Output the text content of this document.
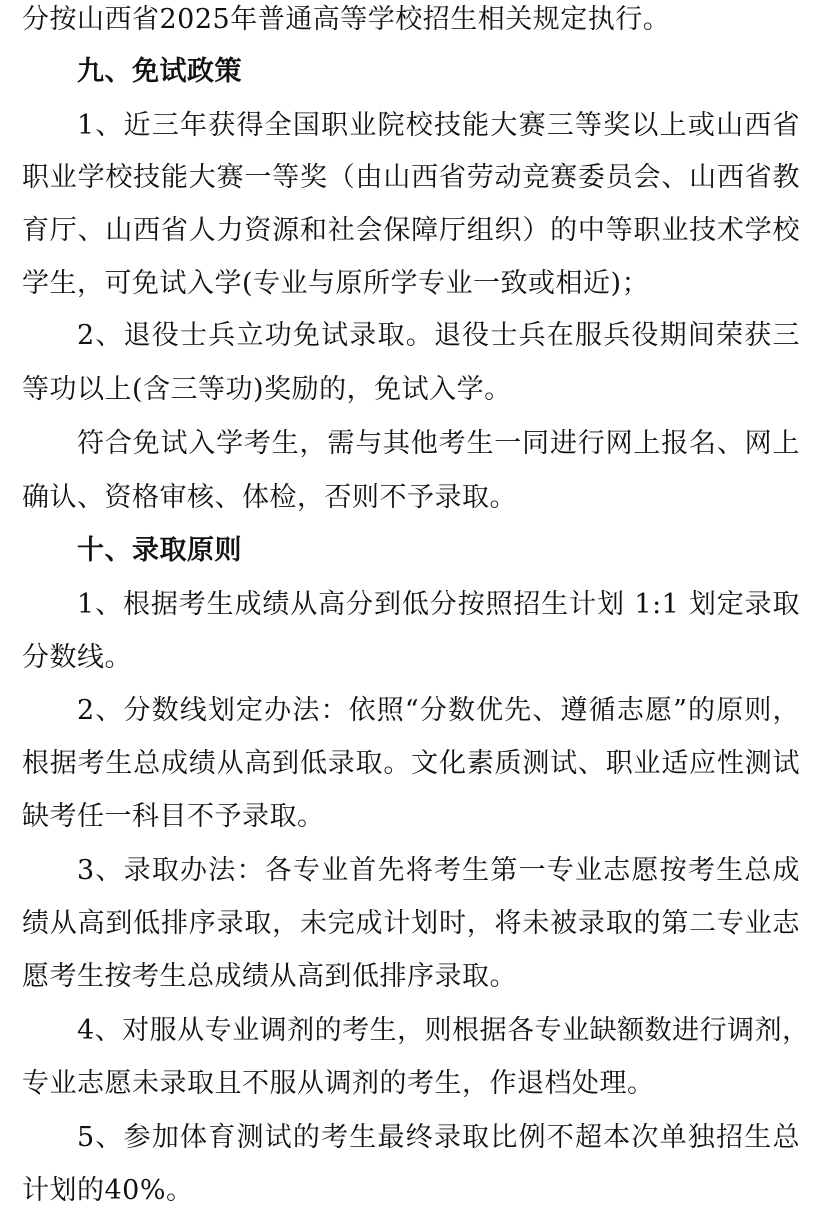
分按山西省2025年普通高等学校招生相关规定执行。
九、免试政策
1、近三年获得全国职业院校技能大赛三等奖以上或山西省
职业学校技能大赛一等奖（由山西省劳动竞赛委员会、山西省教
育厅、山西省人力资源和社会保障厅组织）的中等职业技术学校
学生，可免试入学(专业与原所学专业一致或相近)；
2、退役士兵立功免试录取。退役士兵在服兵役期间荣获三
等功以上(含三等功)奖励的，免试入学。
符合免试入学考生，需与其他考生一同进行网上报名、网上
确认、资格审核、体检，否则不予录取。
十、录取原则
1、根据考生成绩从高分到低分按照招生计划 1:1 划定录取
分数线。
2、分数线划定办法：依照“分数优先、遵循志愿”的原则，
根据考生总成绩从高到低录取。文化素质测试、职业适应性测试
缺考任一科目不予录取。
3、录取办法：各专业首先将考生第一专业志愿按考生总成
绩从高到低排序录取，未完成计划时，将未被录取的第二专业志
愿考生按考生总成绩从高到低排序录取。
4、对服从专业调剂的考生，则根据各专业缺额数进行调剂，
专业志愿未录取且不服从调剂的考生，作退档处理。
5、参加体育测试的考生最终录取比例不超本次单独招生总
计划的40%。
